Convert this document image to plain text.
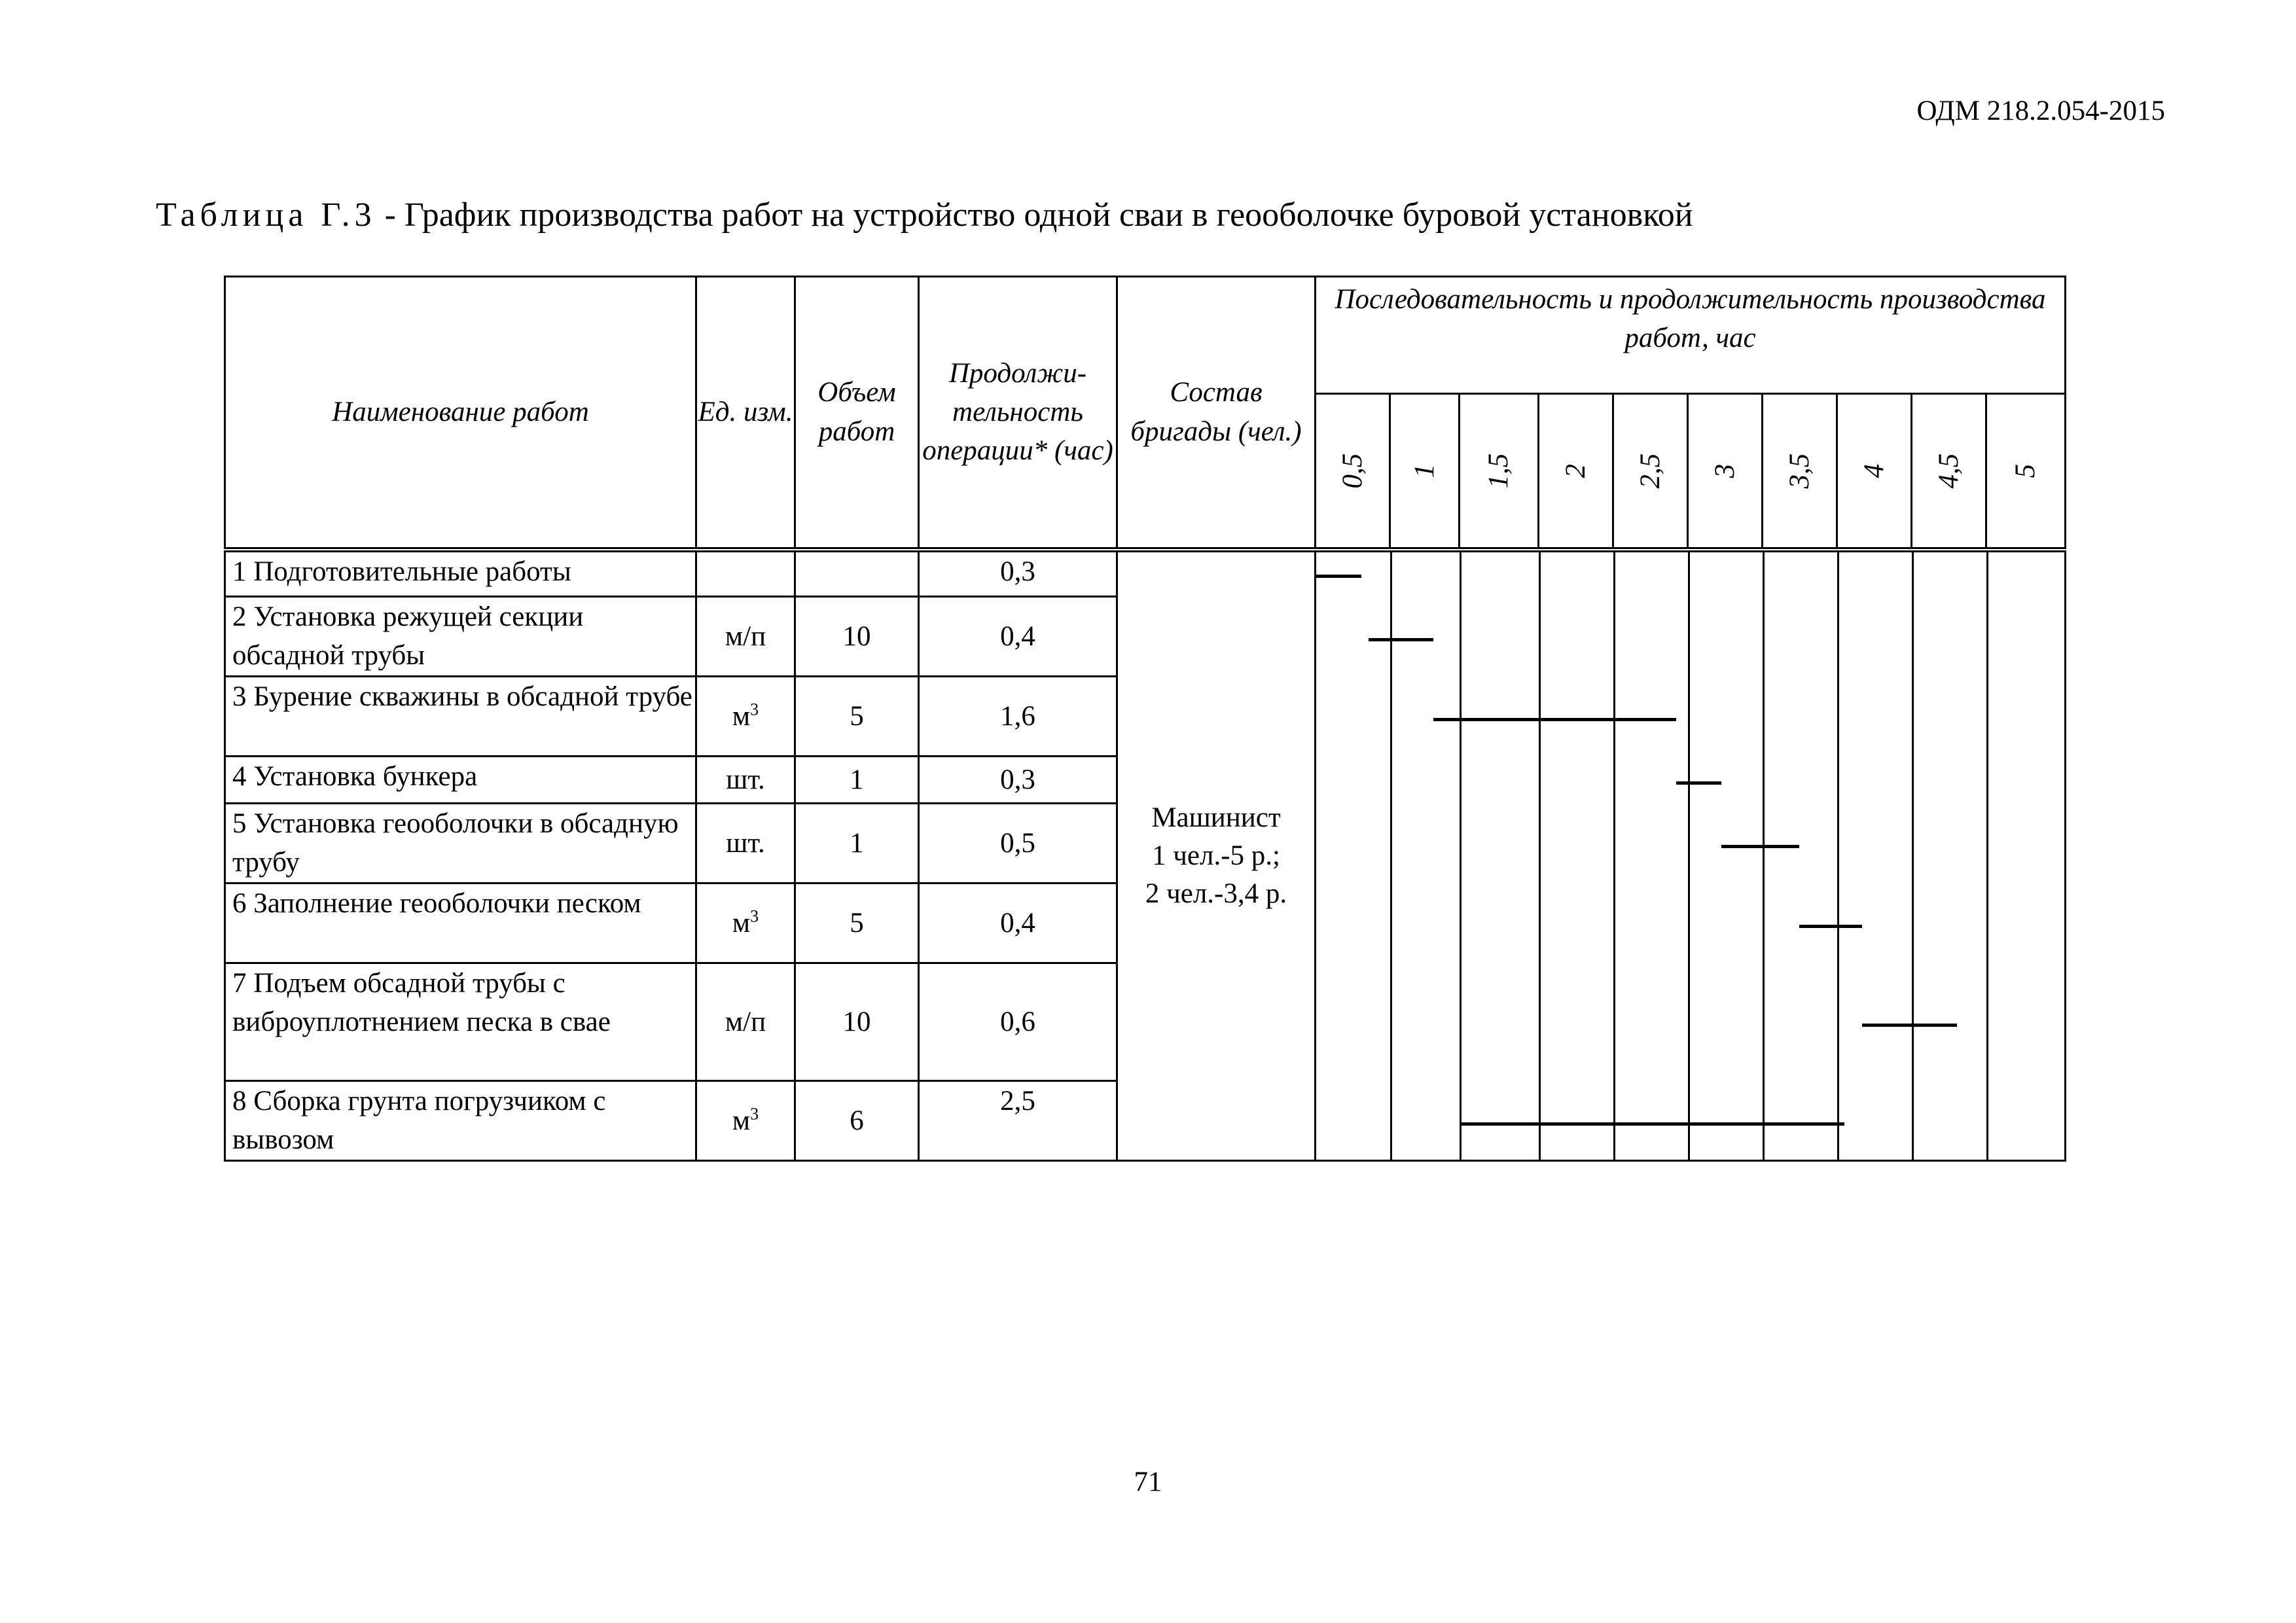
ОДМ 218.2.054-2015
Таблица Г.3 - График производства работ на устройство одной сваи в геооболочке буровой установкой
Наименование работ	Ед. изм.	Объем работ	Продолжи-тельность операции* (час)	Состав бригады (чел.)	Последовательность и продолжительность производства работ, час									
					0,5	1	1,5	2	2,5	3	3,5	4	4,5	5
1 Подготовительные работы			0,3	Машинист
1 чел.-5 р.;
2 чел.-3,4 р.										

2 Установка режущей секции обсадной трубы	м/п	10	0,4											
3 Бурение скважины в обсадной трубе	$м^3$	5	1,6											
4 Установка бункера	шт.	1	0,3											
5 Установка геооболочки в обсадную трубу	шт.	1	0,5											
6 Заполнение геооболочки песком	$м^3$	5	0,4											
7 Подъем обсадной трубы с виброуплотнением песка в свае	м/п	10	0,6											
8 Сборка грунта погрузчиком с вывозом	$м^3$	6	2,5											
71
